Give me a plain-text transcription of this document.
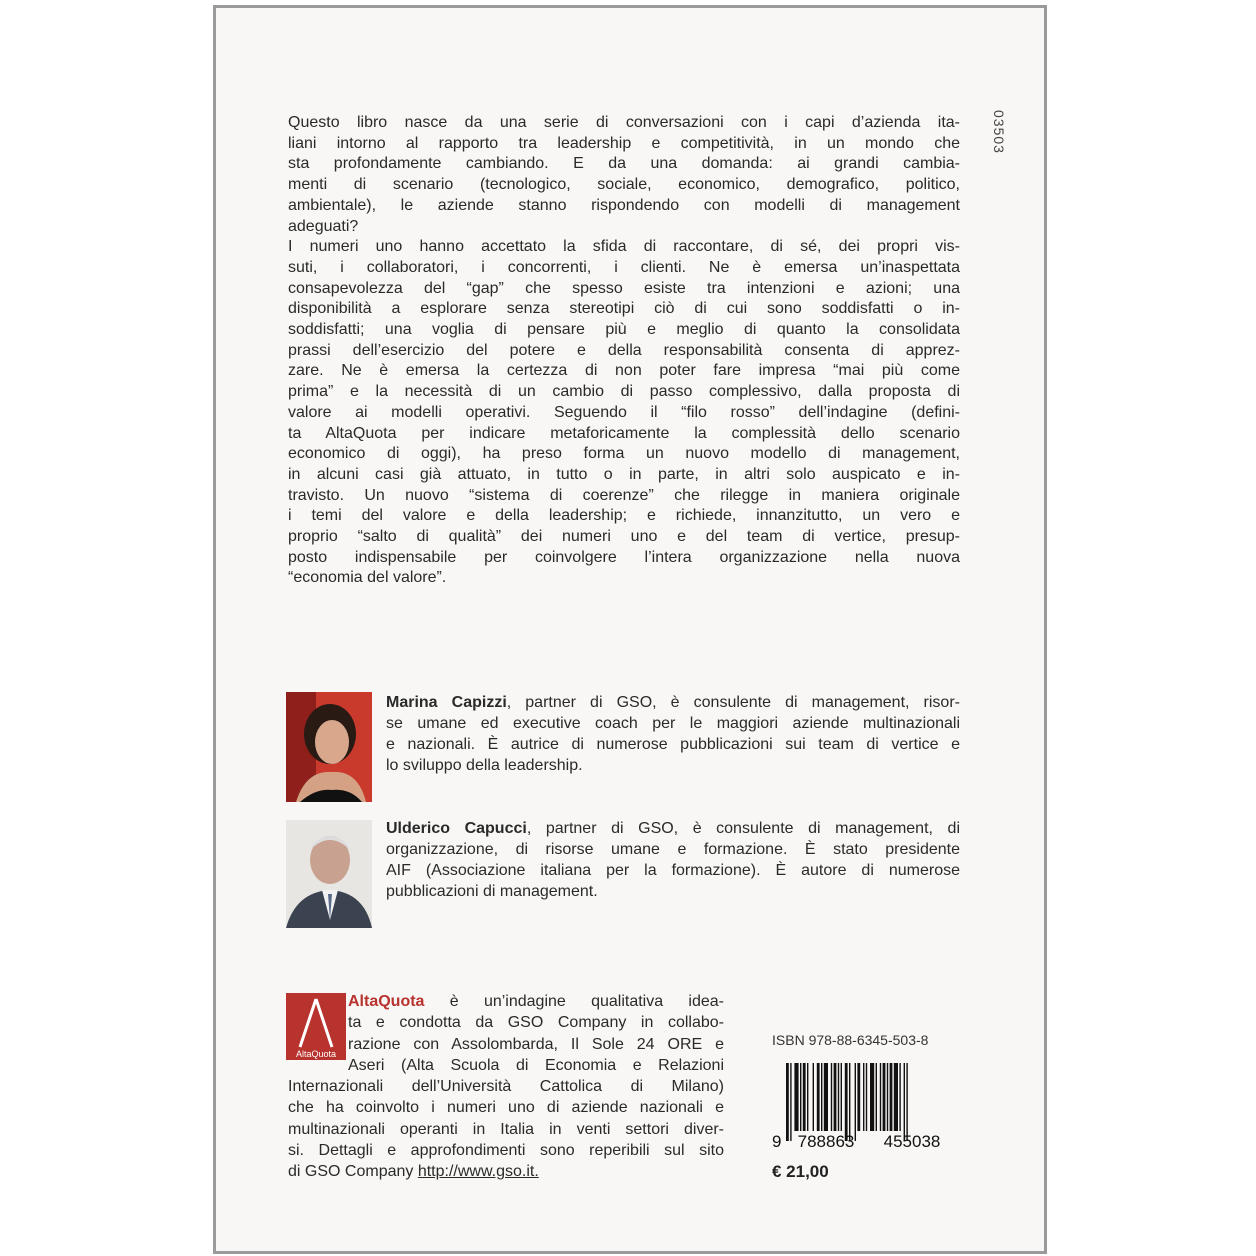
03503
Questo libro nasce da una serie di conversazioni con i capi d’azienda ita-
liani intorno al rapporto tra leadership e competitività, in un mondo che
sta profondamente cambiando. E da una domanda: ai grandi cambia-
menti di scenario (tecnologico, sociale, economico, demografico, politico,
ambientale), le aziende stanno rispondendo con modelli di management
adeguati?
I numeri uno hanno accettato la sfida di raccontare, di sé, dei propri vis-
suti, i collaboratori, i concorrenti, i clienti. Ne è emersa un’inaspettata
consapevolezza del “gap” che spesso esiste tra intenzioni e azioni; una
disponibilità a esplorare senza stereotipi ciò di cui sono soddisfatti o in-
soddisfatti; una voglia di pensare più e meglio di quanto la consolidata
prassi dell’esercizio del potere e della responsabilità consenta di apprez-
zare. Ne è emersa la certezza di non poter fare impresa “mai più come
prima” e la necessità di un cambio di passo complessivo, dalla proposta di
valore ai modelli operativi. Seguendo il “filo rosso” dell’indagine (defini-
ta AltaQuota per indicare metaforicamente la complessità dello scenario
economico di oggi), ha preso forma un nuovo modello di management,
in alcuni casi già attuato, in tutto o in parte, in altri solo auspicato e in-
travisto. Un nuovo “sistema di coerenze” che rilegge in maniera originale
i temi del valore e della leadership; e richiede, innanzitutto, un vero e
proprio “salto di qualità” dei numeri uno e del team di vertice, presup-
posto indispensabile per coinvolgere l’intera organizzazione nella nuova
“economia del valore”.
Marina Capizzi, partner di GSO, è consulente di management, risor-
se umane ed executive coach per le maggiori aziende multinazionali
e nazionali. È autrice di numerose pubblicazioni sui team di vertice e
lo sviluppo della leadership.
Ulderico Capucci, partner di GSO, è consulente di management, di
organizzazione, di risorse umane e formazione. È stato presidente
AIF (Associazione italiana per la formazione). È autore di numerose
pubblicazioni di management.
AltaQuota
AltaQuota è un’indagine qualitativa idea-
ta e condotta da GSO Company in collabo-
razione con Assolombarda, Il Sole 24 ORE e
Aseri (Alta Scuola di Economia e Relazioni
Internazionali dell’Università Cattolica di Milano)
che ha coinvolto i numeri uno di aziende nazionali e
multinazionali operanti in Italia in venti settori diver-
si. Dettagli e approfondimenti sono reperibili sul sito
di GSO Company http://www.gso.it.
ISBN 978-88-6345-503-8
9 788863 455038
€ 21,00
